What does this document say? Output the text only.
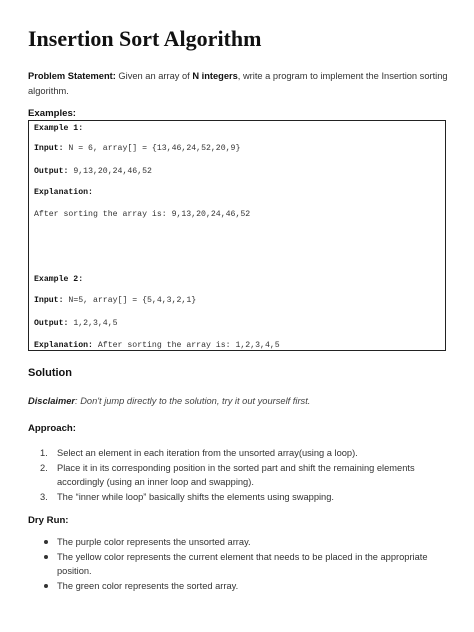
Insertion Sort Algorithm
Problem Statement: Given an array of N integers, write a program to implement the Insertion sorting algorithm.
Examples:
Example 1:
Input: N = 6, array[] = {13,46,24,52,20,9}
Output: 9,13,20,24,46,52
Explanation:
After sorting the array is: 9,13,20,24,46,52
Example 2:
Input: N=5, array[] = {5,4,3,2,1}
Output: 1,2,3,4,5
Explanation: After sorting the array is: 1,2,3,4,5
Solution
Disclaimer: Don't jump directly to the solution, try it out yourself first.
Approach:
1. Select an element in each iteration from the unsorted array(using a loop).
2. Place it in its corresponding position in the sorted part and shift the remaining elements accordingly (using an inner loop and swapping).
3. The “inner while loop” basically shifts the elements using swapping.
Dry Run:
The purple color represents the unsorted array.
The yellow color represents the current element that needs to be placed in the appropriate position.
The green color represents the sorted array.
